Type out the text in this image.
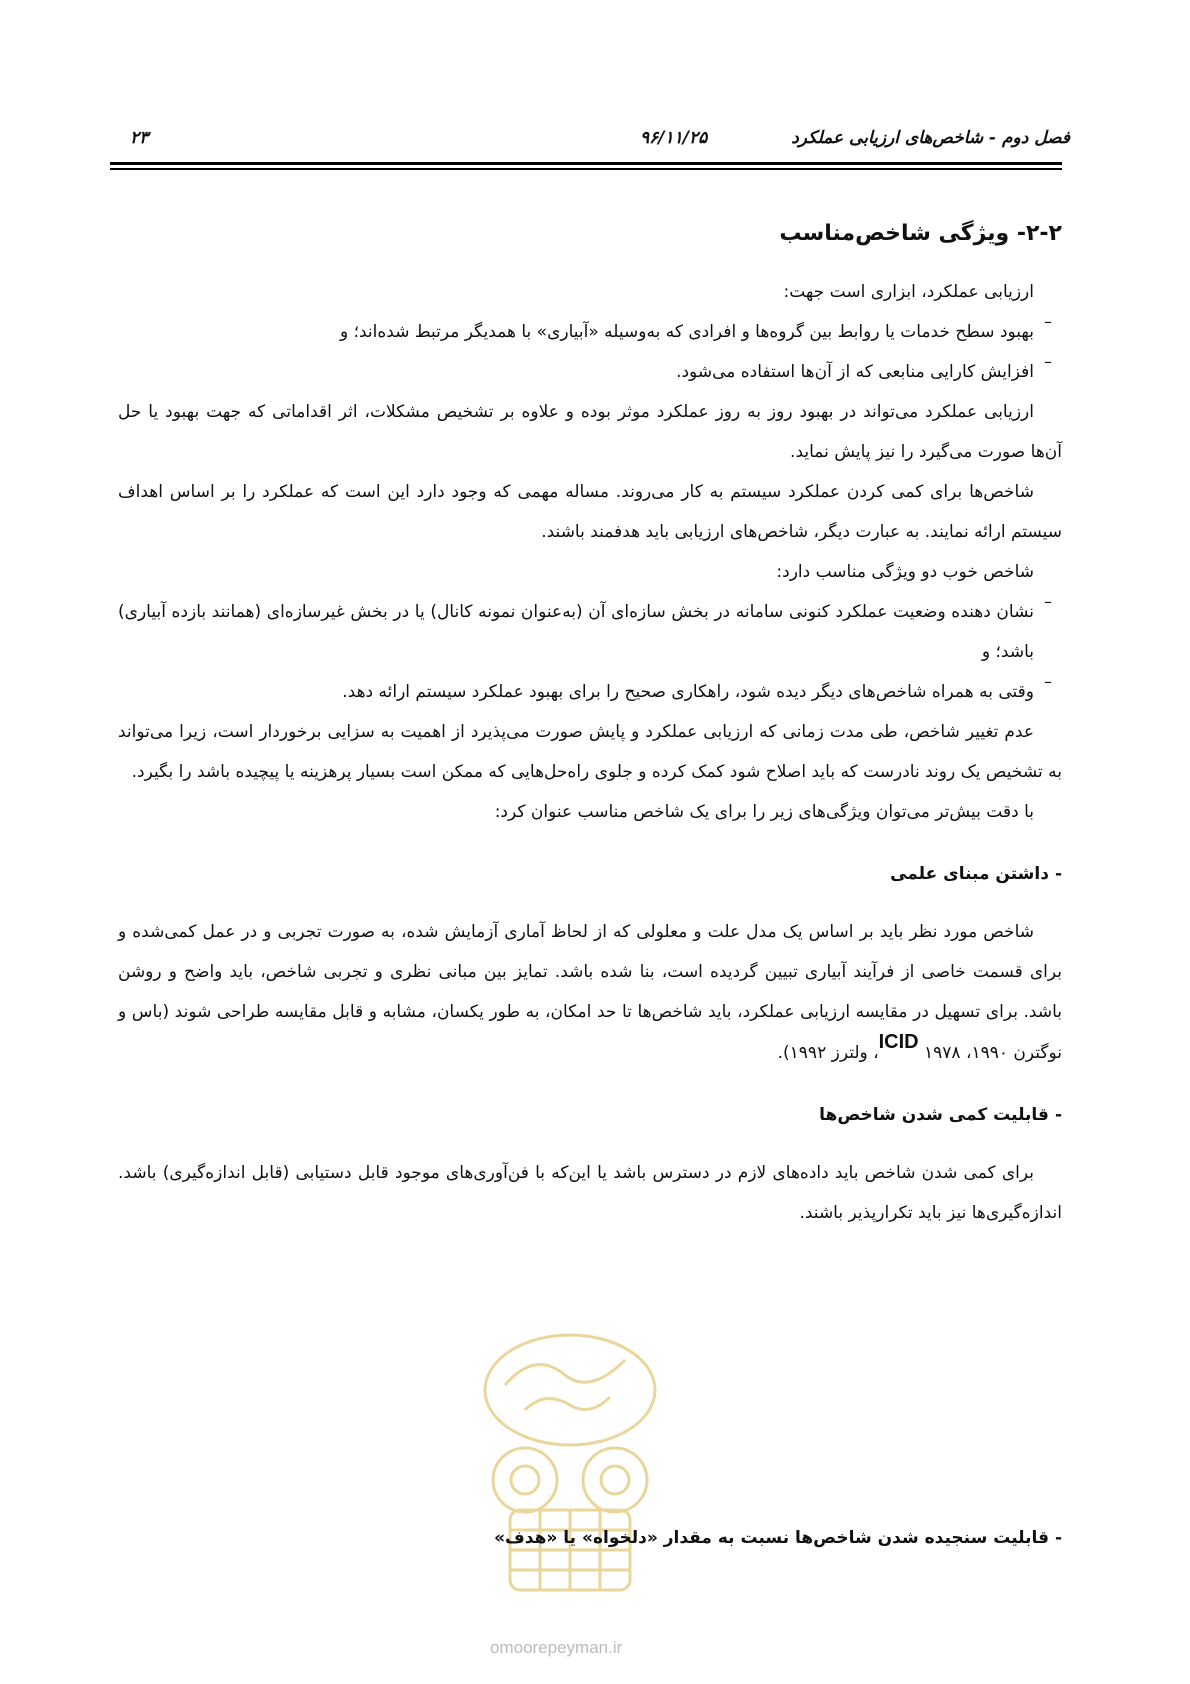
۲۳	۹۶/۱۱/۲۵	فصل دوم - شاخص‌های ارزیابی عملکرد
۲-۲- ویژگی شاخص‌مناسب

ارزیابی عملکرد، ابزاری است جهت:

–

بهبود سطح خدمات یا روابط بین گروه‌ها و افرادی که به‌وسیله «آبیاری» با همدیگر مرتبط شده‌اند؛ و

–

افزایش کارایی منابعی که از آن‌ها استفاده می‌شود.

ارزیابی عملکرد می‌تواند در بهبود روز به روز عملکرد موثر بوده و علاوه بر تشخیص مشکلات، اثر اقداماتی که جهت بهبود یا حل آن‌ها صورت می‌گیرد را نیز پایش نماید.

شاخص‌ها برای کمی کردن عملکرد سیستم به کار می‌روند. مساله مهمی که وجود دارد این است که عملکرد را بر اساس اهداف سیستم ارائه نمایند. به عبارت دیگر، شاخص‌های ارزیابی باید هدفمند باشند.

شاخص خوب دو ویژگی مناسب دارد:

–

نشان دهنده وضعیت عملکرد کنونی سامانه در بخش سازه‌ای آن (به‌عنوان نمونه کانال) یا در بخش غیرسازه‌ای (همانند بازده آبیاری) باشد؛ و

–

وقتی به همراه شاخص‌های دیگر دیده شود، راهکاری صحیح را برای بهبود عملکرد سیستم ارائه دهد.

عدم تغییر شاخص، طی مدت زمانی که ارزیابی عملکرد و پایش صورت می‌پذیرد از اهمیت به سزایی برخوردار است، زیرا می‌تواند به تشخیص یک روند نادرست که باید اصلاح شود کمک کرده و جلوی راه‌حل‌هایی که ممکن است بسیار پرهزینه یا پیچیده باشد را بگیرد.

با دقت بیش‌تر می‌توان ویژگی‌های زیر را برای یک شاخص مناسب عنوان کرد:

-داشتن مبنای علمی

شاخص مورد نظر باید بر اساس یک مدل علت و معلولی که از لحاظ آماری آزمایش شده، به صورت تجربی و در عمل کمی‌شده و برای قسمت خاصی از فرآیند آبیاری تبیین گردیده است، بنا شده باشد. تمایز بین مبانی نظری و تجربی شاخص، باید واضح و روشن باشد. برای تسهیل در مقایسه ارزیابی عملکرد، باید شاخص‌ها تا حد امکان، به طور یکسان، مشابه و قابل مقایسه طراحی شوند (باس و نوگترن ۱۹۹۰، ICID ۱۹۷۸، ولترز ۱۹۹۲).

-قابلیت کمی شدن شاخص‌ها

برای کمی شدن شاخص باید داده‌های لازم در دسترس باشد یا این‌که با فن‌آوری‌های موجود قابل دستیابی (قابل اندازه‌گیری) باشد. اندازه‌گیری‌ها نیز باید تکرارپذیر باشند.

omoorepeyman.ir
- قابلیت سنجیده شدن شاخص‌ها نسبت به مقدار «دلخواه» یا «هدف»
